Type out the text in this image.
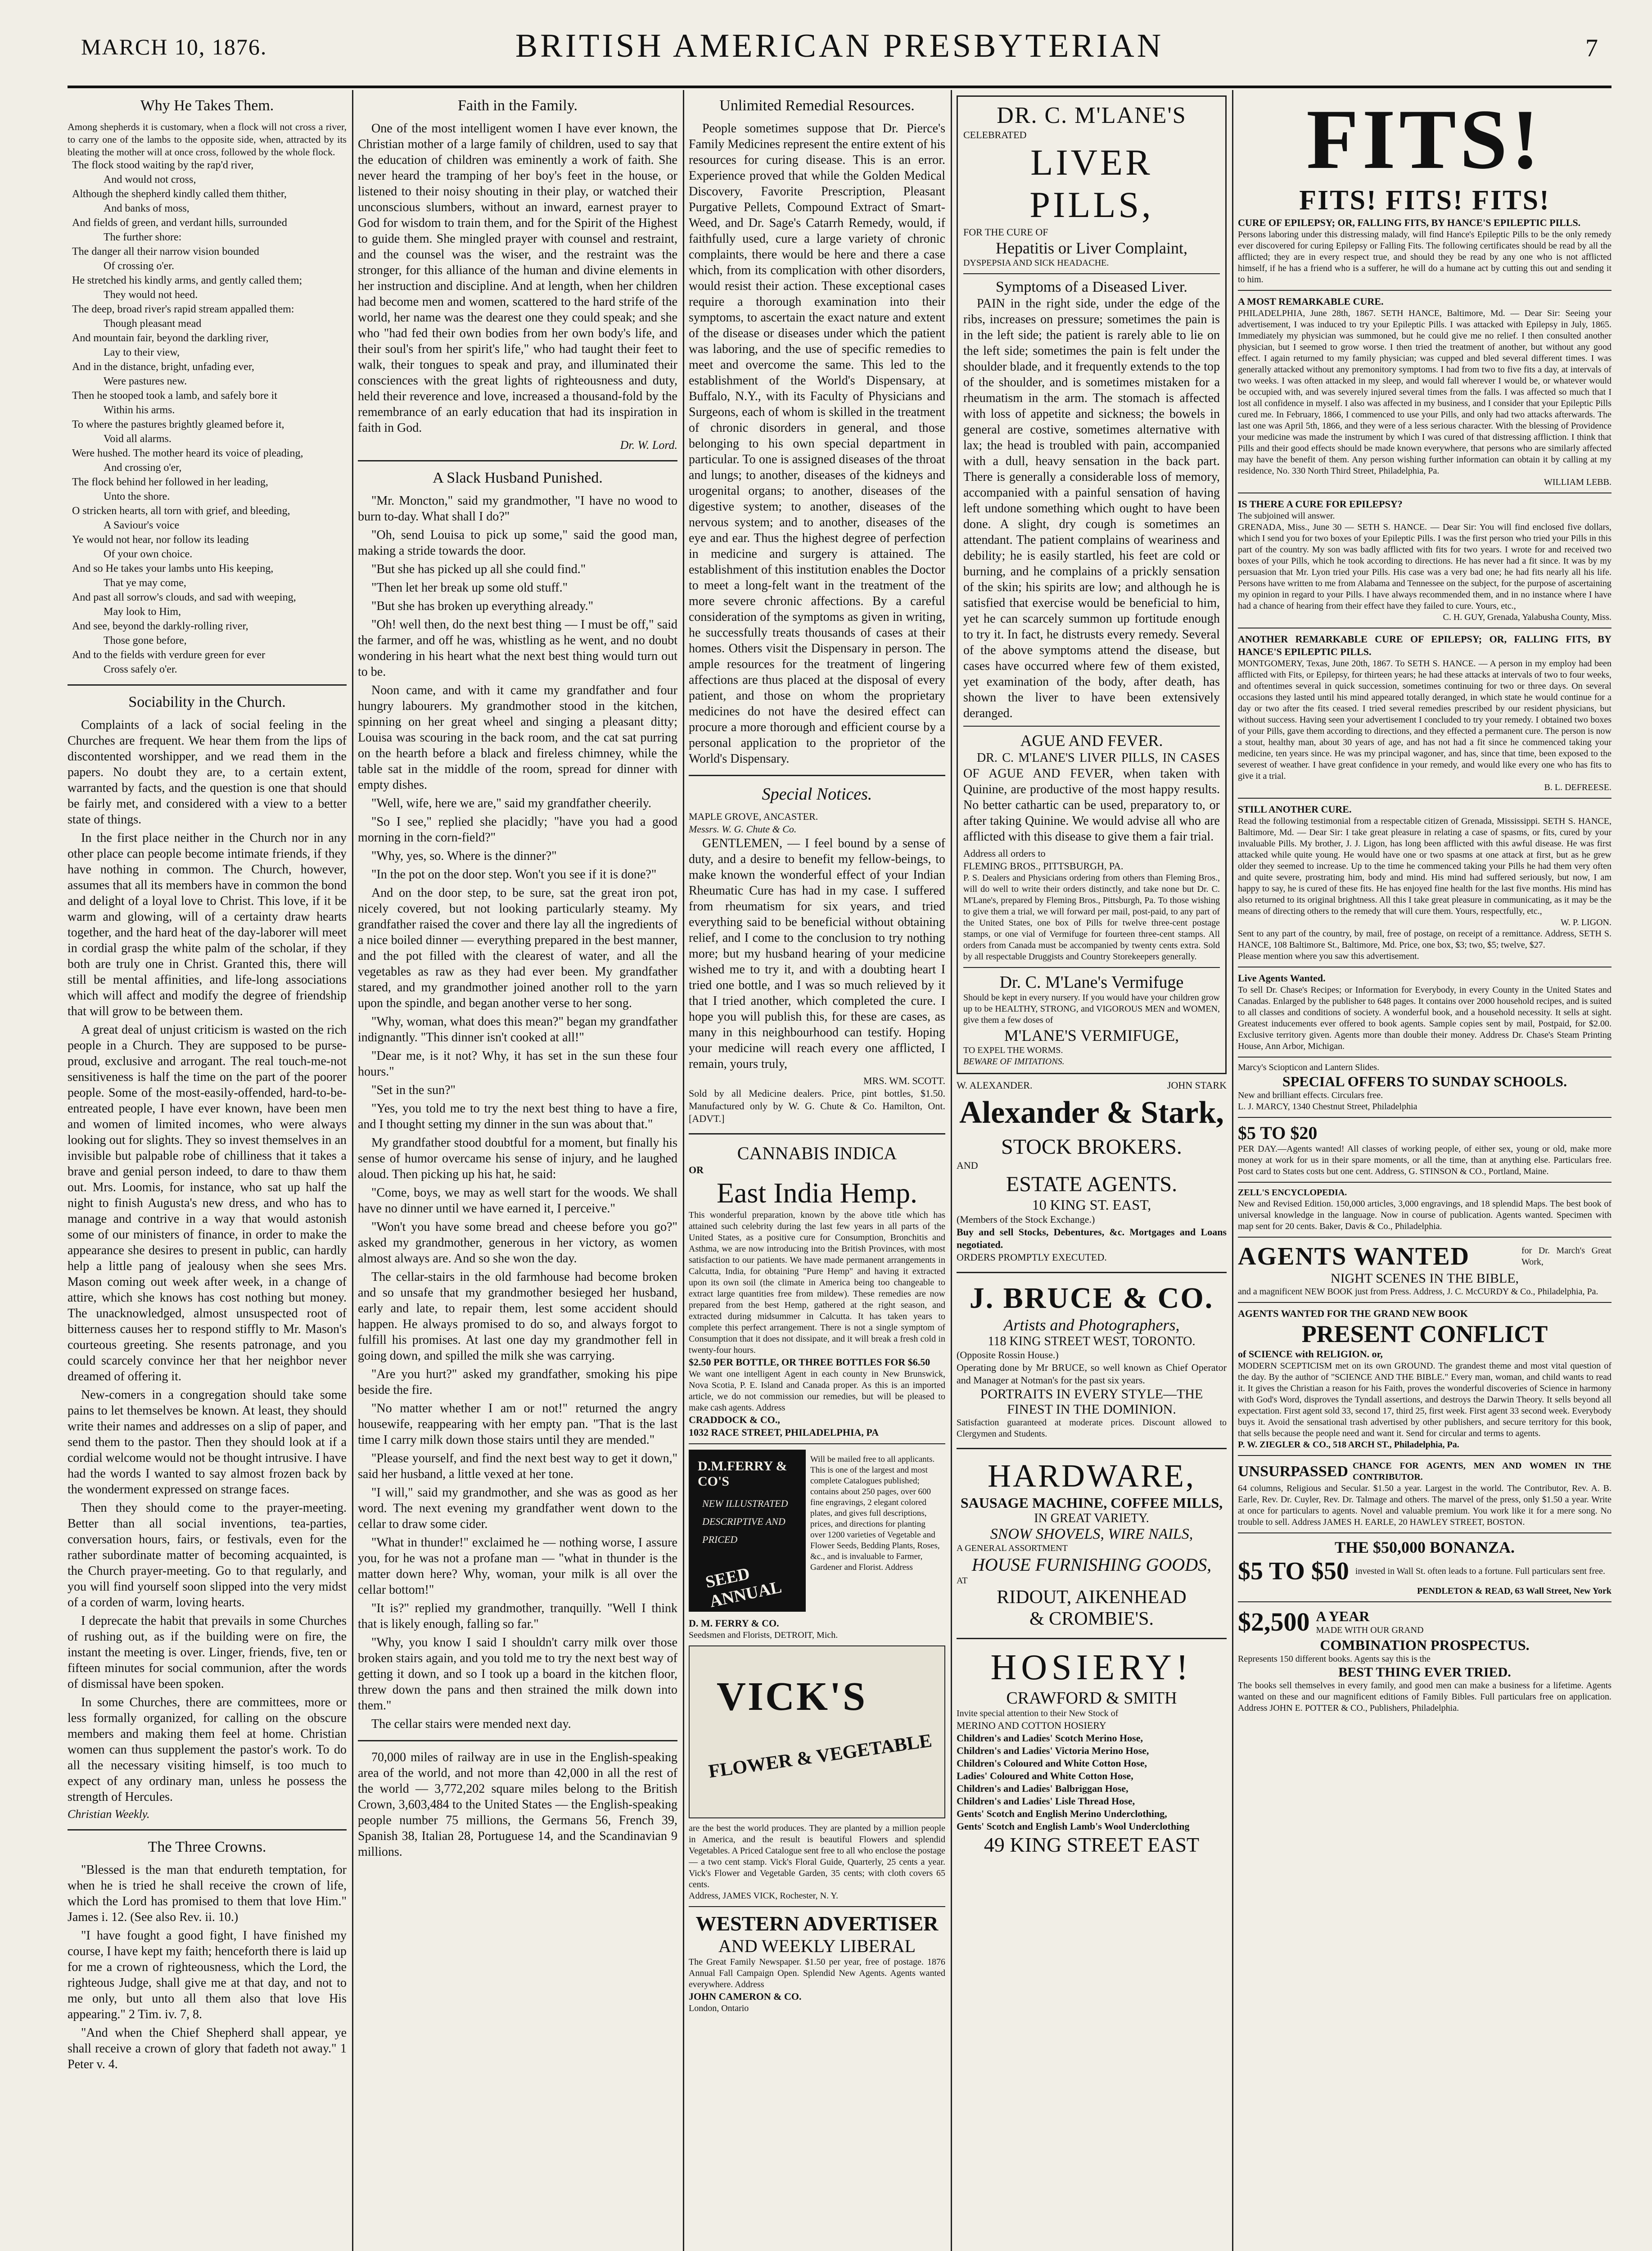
MARCH 10, 1876.	BRITISH AMERICAN PRESBYTERIAN	7
Why He Takes Them.
Among shepherds it is customary, when a flock will not cross a river, to carry one of the lambs to the opposite side, when, attracted by its bleating the mother will at once cross, followed by the whole flock.
The flock stood waiting by the rap'd river,
And would not cross,
Although the shepherd kindly called them thither,
And banks of moss,
And fields of green, and verdant hills, surrounded
The further shore:
The danger all their narrow vision bounded
Of crossing o'er.
He stretched his kindly arms, and gently called them;
They would not heed.
The deep, broad river's rapid stream appalled them:
Though pleasant mead
And mountain fair, beyond the darkling river,
Lay to their view,
And in the distance, bright, unfading ever,
Were pastures new.
Then he stooped took a lamb, and safely bore it
Within his arms.
To where the pastures brightly gleamed before it,
Void all alarms.
Were hushed. The mother heard its voice of pleading,
And crossing o'er,
The flock behind her followed in her leading,
Unto the shore.
O stricken hearts, all torn with grief, and bleeding,
A Saviour's voice
Ye would not hear, nor follow its leading
Of your own choice.
And so He takes your lambs unto His keeping,
That ye may come,
And past all sorrow's clouds, and sad with weeping,
May look to Him,
And see, beyond the darkly-rolling river,
Those gone before,
And to the fields with verdure green for ever
Cross safely o'er.
Sociability in the Church.

Complaints of a lack of social feeling in the Churches are frequent. We hear them from the lips of discontented worshipper, and we read them in the papers. No doubt they are, to a certain extent, warranted by facts, and the question is one that should be fairly met, and considered with a view to a better state of things.

In the first place neither in the Church nor in any other place can people become intimate friends, if they have nothing in common. The Church, however, assumes that all its members have in common the bond and delight of a loyal love to Christ. This love, if it be warm and glowing, will of a certainty draw hearts together, and the hard heat of the day-laborer will meet in cordial grasp the white palm of the scholar, if they both are truly one in Christ. Granted this, there will still be mental affinities, and life-long associations which will affect and modify the degree of friendship that will grow to be between them.

A great deal of unjust criticism is wasted on the rich people in a Church. They are supposed to be purse-proud, exclusive and arrogant. The real touch-me-not sensitiveness is half the time on the part of the poorer people. Some of the most-easily-offended, hard-to-be-entreated people, I have ever known, have been men and women of limited incomes, who were always looking out for slights. They so invest themselves in an invisible but palpable robe of chilliness that it takes a brave and genial person indeed, to dare to thaw them out. Mrs. Loomis, for instance, who sat up half the night to finish Augusta's new dress, and who has to manage and contrive in a way that would astonish some of our ministers of finance, in order to make the appearance she desires to present in public, can hardly help a little pang of jealousy when she sees Mrs. Mason coming out week after week, in a change of attire, which she knows has cost nothing but money. The unacknowledged, almost unsuspected root of bitterness causes her to respond stiffly to Mr. Mason's courteous greeting. She resents patronage, and you could scarcely convince her that her neighbor never dreamed of offering it.

New-comers in a congregation should take some pains to let themselves be known. At least, they should write their names and addresses on a slip of paper, and send them to the pastor. Then they should look at if a cordial welcome would not be thought intrusive. I have had the words I wanted to say almost frozen back by the wonderment expressed on strange faces.

Then they should come to the prayer-meeting. Better than all social inventions, tea-parties, conversation hours, fairs, or festivals, even for the rather subordinate matter of becoming acquainted, is the Church prayer-meeting. Go to that regularly, and you will find yourself soon slipped into the very midst of a corden of warm, loving hearts.

I deprecate the habit that prevails in some Churches of rushing out, as if the building were on fire, the instant the meeting is over. Linger, friends, five, ten or fifteen minutes for social communion, after the words of dismissal have been spoken.

In some Churches, there are committees, more or less formally organized, for calling on the obscure members and making them feel at home. Christian women can thus supplement the pastor's work. To do all the necessary visiting himself, is too much to expect of any ordinary man, unless he possess the strength of Hercules.

Christian Weekly.
The Three Crowns.

"Blessed is the man that endureth temptation, for when he is tried he shall receive the crown of life, which the Lord has promised to them that love Him." James i. 12. (See also Rev. ii. 10.)

"I have fought a good fight, I have finished my course, I have kept my faith; henceforth there is laid up for me a crown of righteousness, which the Lord, the righteous Judge, shall give me at that day, and not to me only, but unto all them also that love His appearing." 2 Tim. iv. 7, 8.

"And when the Chief Shepherd shall appear, ye shall receive a crown of glory that fadeth not away." 1 Peter v. 4.

Faith in the Family.

One of the most intelligent women I have ever known, the Christian mother of a large family of children, used to say that the education of children was eminently a work of faith. She never heard the tramping of her boy's feet in the house, or listened to their noisy shouting in their play, or watched their unconscious slumbers, without an inward, earnest prayer to God for wisdom to train them, and for the Spirit of the Highest to guide them. She mingled prayer with counsel and restraint, and the counsel was the wiser, and the restraint was the stronger, for this alliance of the human and divine elements in her instruction and discipline. And at length, when her children had become men and women, scattered to the hard strife of the world, her name was the dearest one they could speak; and she who "had fed their own bodies from her own body's life, and their soul's from her spirit's life," who had taught their feet to walk, their tongues to speak and pray, and illuminated their consciences with the great lights of righteousness and duty, held their reverence and love, increased a thousand-fold by the remembrance of an early education that had its inspiration in faith in God.

Dr. W. Lord.
A Slack Husband Punished.

"Mr. Moncton," said my grandmother, "I have no wood to burn to-day. What shall I do?"

"Oh, send Louisa to pick up some," said the good man, making a stride towards the door.

"But she has picked up all she could find."

"Then let her break up some old stuff."

"But she has broken up everything already."

"Oh! well then, do the next best thing — I must be off," said the farmer, and off he was, whistling as he went, and no doubt wondering in his heart what the next best thing would turn out to be.

Noon came, and with it came my grandfather and four hungry labourers. My grandmother stood in the kitchen, spinning on her great wheel and singing a pleasant ditty; Louisa was scouring in the back room, and the cat sat purring on the hearth before a black and fireless chimney, while the table sat in the middle of the room, spread for dinner with empty dishes.

"Well, wife, here we are," said my grandfather cheerily.

"So I see," replied she placidly; "have you had a good morning in the corn-field?"

"Why, yes, so. Where is the dinner?"

"In the pot on the door step. Won't you see if it is done?"

And on the door step, to be sure, sat the great iron pot, nicely covered, but not looking particularly steamy. My grandfather raised the cover and there lay all the ingredients of a nice boiled dinner — everything prepared in the best manner, and the pot filled with the clearest of water, and all the vegetables as raw as they had ever been. My grandfather stared, and my grandmother joined another roll to the yarn upon the spindle, and began another verse to her song.

"Why, woman, what does this mean?" began my grandfather indignantly. "This dinner isn't cooked at all!"

"Dear me, is it not? Why, it has set in the sun these four hours."

"Set in the sun?"

"Yes, you told me to try the next best thing to have a fire, and I thought setting my dinner in the sun was about that."

My grandfather stood doubtful for a moment, but finally his sense of humor overcame his sense of injury, and he laughed aloud. Then picking up his hat, he said:

"Come, boys, we may as well start for the woods. We shall have no dinner until we have earned it, I perceive."

"Won't you have some bread and cheese before you go?" asked my grandmother, generous in her victory, as women almost always are. And so she won the day.

The cellar-stairs in the old farmhouse had become broken and so unsafe that my grandmother besieged her husband, early and late, to repair them, lest some accident should happen. He always promised to do so, and always forgot to fulfill his promises. At last one day my grandmother fell in going down, and spilled the milk she was carrying.

"Are you hurt?" asked my grandfather, smoking his pipe beside the fire.

"No matter whether I am or not!" returned the angry housewife, reappearing with her empty pan. "That is the last time I carry milk down those stairs until they are mended."

"Please yourself, and find the next best way to get it down," said her husband, a little vexed at her tone.

"I will," said my grandmother, and she was as good as her word. The next evening my grandfather went down to the cellar to draw some cider.

"What in thunder!" exclaimed he — nothing worse, I assure you, for he was not a profane man — "what in thunder is the matter down here? Why, woman, your milk is all over the cellar bottom!"

"It is?" replied my grandmother, tranquilly. "Well I think that is likely enough, falling so far."

"Why, you know I said I shouldn't carry milk over those broken stairs again, and you told me to try the next best way of getting it down, and so I took up a board in the kitchen floor, threw down the pans and then strained the milk down into them."

The cellar stairs were mended next day.

70,000 miles of railway are in use in the English-speaking area of the world, and not more than 42,000 in all the rest of the world — 3,772,202 square miles belong to the British Crown, 3,603,484 to the United States — the English-speaking people number 75 millions, the Germans 56, French 39, Spanish 38, Italian 28, Portuguese 14, and the Scandinavian 9 millions.

Unlimited Remedial Resources.

People sometimes suppose that Dr. Pierce's Family Medicines represent the entire extent of his resources for curing disease. This is an error. Experience proved that while the Golden Medical Discovery, Favorite Prescription, Pleasant Purgative Pellets, Compound Extract of Smart-Weed, and Dr. Sage's Catarrh Remedy, would, if faithfully used, cure a large variety of chronic complaints, there would be here and there a case which, from its complication with other disorders, would resist their action. These exceptional cases require a thorough examination into their symptoms, to ascertain the exact nature and extent of the disease or diseases under which the patient was laboring, and the use of specific remedies to meet and overcome the same. This led to the establishment of the World's Dispensary, at Buffalo, N.Y., with its Faculty of Physicians and Surgeons, each of whom is skilled in the treatment of chronic disorders in general, and those belonging to his own special department in particular. To one is assigned diseases of the throat and lungs; to another, diseases of the kidneys and urogenital organs; to another, diseases of the digestive system; to another, diseases of the nervous system; and to another, diseases of the eye and ear. Thus the highest degree of perfection in medicine and surgery is attained. The establishment of this institution enables the Doctor to meet a long-felt want in the treatment of the more severe chronic affections. By a careful consideration of the symptoms as given in writing, he successfully treats thousands of cases at their homes. Others visit the Dispensary in person. The ample resources for the treatment of lingering affections are thus placed at the disposal of every patient, and those on whom the proprietary medicines do not have the desired effect can procure a more thorough and efficient course by a personal application to the proprietor of the World's Dispensary.

Special Notices.
MAPLE GROVE, ANCASTER.
Messrs. W. G. Chute & Co.

GENTLEMEN, — I feel bound by a sense of duty, and a desire to benefit my fellow-beings, to make known the wonderful effect of your Indian Rheumatic Cure has had in my case. I suffered from rheumatism for six years, and tried everything said to be beneficial without obtaining relief, and I come to the conclusion to try nothing more; but my husband hearing of your medicine wished me to try it, and with a doubting heart I tried one bottle, and I was so much relieved by it that I tried another, which completed the cure. I hope you will publish this, for these are cases, as many in this neighbourhood can testify. Hoping your medicine will reach every one afflicted, I remain, yours truly,

MRS. WM. SCOTT.
Sold by all Medicine dealers. Price, pint bottles, $1.50. Manufactured only by W. G. Chute & Co. Hamilton, Ont. [ADVT.]
CANNABIS INDICA
OR
East India Hemp.
This wonderful preparation, known by the above title which has attained such celebrity during the last few years in all parts of the United States, as a positive cure for Consumption, Bronchitis and Asthma, we are now introducing into the British Provinces, with most satisfaction to our patients. We have made permanent arrangements in Calcutta, India, for obtaining "Pure Hemp" and having it extracted upon its own soil (the climate in America being too changeable to extract large quantities free from mildew). These remedies are now prepared from the best Hemp, gathered at the right season, and extracted during midsummer in Calcutta. It has taken years to complete this perfect arrangement. There is not a single symptom of Consumption that it does not dissipate, and it will break a fresh cold in twenty-four hours.
$2.50 PER BOTTLE, OR THREE BOTTLES FOR $6.50
We want one intelligent Agent in each county in New Brunswick, Nova Scotia, P. E. Island and Canada proper. As this is an imported article, we do not commission our remedies, but will be pleased to make cash agents. Address
CRADDOCK & CO.,
1032 RACE STREET, PHILADELPHIA, PA
D.M.FERRY & CO'S
NEW ILLUSTRATED DESCRIPTIVE AND PRICED
SEED ANNUAL
Will be mailed free to all applicants. This is one of the largest and most complete Catalogues published; contains about 250 pages, over 600 fine engravings, 2 elegant colored plates, and gives full descriptions, prices, and directions for planting over 1200 varieties of Vegetable and Flower Seeds, Bedding Plants, Roses, &c., and is invaluable to Farmer, Gardener and Florist. Address
D. M. FERRY & CO.
Seedsmen and Florists, DETROIT, Mich.
VICK'S
FLOWER & VEGETABLE
are the best the world produces. They are planted by a million people in America, and the result is beautiful Flowers and splendid Vegetables. A Priced Catalogue sent free to all who enclose the postage — a two cent stamp. Vick's Floral Guide, Quarterly, 25 cents a year. Vick's Flower and Vegetable Garden, 35 cents; with cloth covers 65 cents.
Address, JAMES VICK, Rochester, N. Y.
WESTERN ADVERTISER
AND WEEKLY LIBERAL
The Great Family Newspaper. $1.50 per year, free of postage. 1876 Annual Fall Campaign Open. Splendid New Agents. Agents wanted everywhere. Address
JOHN CAMERON & CO.
London, Ontario
DR. C. M'LANE'S
CELEBRATED
LIVER PILLS,
FOR THE CURE OF
Hepatitis or Liver Complaint,
DYSPEPSIA AND SICK HEADACHE.
Symptoms of a Diseased Liver.

PAIN in the right side, under the edge of the ribs, increases on pressure; sometimes the pain is in the left side; the patient is rarely able to lie on the left side; sometimes the pain is felt under the shoulder blade, and it frequently extends to the top of the shoulder, and is sometimes mistaken for a rheumatism in the arm. The stomach is affected with loss of appetite and sickness; the bowels in general are costive, sometimes alternative with lax; the head is troubled with pain, accompanied with a dull, heavy sensation in the back part. There is generally a considerable loss of memory, accompanied with a painful sensation of having left undone something which ought to have been done. A slight, dry cough is sometimes an attendant. The patient complains of weariness and debility; he is easily startled, his feet are cold or burning, and he complains of a prickly sensation of the skin; his spirits are low; and although he is satisfied that exercise would be beneficial to him, yet he can scarcely summon up fortitude enough to try it. In fact, he distrusts every remedy. Several of the above symptoms attend the disease, but cases have occurred where few of them existed, yet examination of the body, after death, has shown the liver to have been extensively deranged.

AGUE AND FEVER.

DR. C. M'LANE'S LIVER PILLS, IN CASES OF AGUE AND FEVER, when taken with Quinine, are productive of the most happy results. No better cathartic can be used, preparatory to, or after taking Quinine. We would advise all who are afflicted with this disease to give them a fair trial.

Address all orders to
FLEMING BROS., PITTSBURGH, PA.
P. S. Dealers and Physicians ordering from others than Fleming Bros., will do well to write their orders distinctly, and take none but Dr. C. M'Lane's, prepared by Fleming Bros., Pittsburgh, Pa. To those wishing to give them a trial, we will forward per mail, post-paid, to any part of the United States, one box of Pills for twelve three-cent postage stamps, or one vial of Vermifuge for fourteen three-cent stamps. All orders from Canada must be accompanied by twenty cents extra. Sold by all respectable Druggists and Country Storekeepers generally.
Dr. C. M'Lane's Vermifuge
Should be kept in every nursery. If you would have your children grow up to be HEALTHY, STRONG, and VIGOROUS MEN and WOMEN, give them a few doses of
M'LANE'S VERMIFUGE,
TO EXPEL THE WORMS.
BEWARE OF IMITATIONS.
W. ALEXANDER.	JOHN STARK
Alexander & Stark,
STOCK BROKERS.
AND
ESTATE AGENTS.
10 KING ST. EAST,
(Members of the Stock Exchange.)
Buy and sell Stocks, Debentures, &c. Mortgages and Loans negotiated.
ORDERS PROMPTLY EXECUTED.
J. BRUCE & CO.
Artists and Photographers,
118 KING STREET WEST, TORONTO.
(Opposite Rossin House.)
Operating done by Mr BRUCE, so well known as Chief Operator and Manager at Notman's for the past six years.
PORTRAITS IN EVERY STYLE—THE FINEST IN THE DOMINION.
Satisfaction guaranteed at moderate prices. Discount allowed to Clergymen and Students.
HARDWARE,
SAUSAGE MACHINE, COFFEE MILLS,
IN GREAT VARIETY.
SNOW SHOVELS, WIRE NAILS,
A GENERAL ASSORTMENT
HOUSE FURNISHING GOODS,
AT
RIDOUT, AIKENHEAD
& CROMBIE'S.
HOSIERY!
CRAWFORD & SMITH
Invite special attention to their New Stock of
MERINO AND COTTON HOSIERY
Children's and Ladies' Scotch Merino Hose,
Children's and Ladies' Victoria Merino Hose,
Children's Coloured and White Cotton Hose,
Ladies' Coloured and White Cotton Hose,
Children's and Ladies' Balbriggan Hose,
Children's and Ladies' Lisle Thread Hose,
Gents' Scotch and English Merino Underclothing,
Gents' Scotch and English Lamb's Wool Underclothing
49 KING STREET EAST
FITS!
FITS! FITS! FITS!
CURE OF EPILEPSY; OR, FALLING FITS, BY HANCE'S EPILEPTIC PILLS.
Persons laboring under this distressing malady, will find Hance's Epileptic Pills to be the only remedy ever discovered for curing Epilepsy or Falling Fits. The following certificates should be read by all the afflicted; they are in every respect true, and should they be read by any one who is not afflicted himself, if he has a friend who is a sufferer, he will do a humane act by cutting this out and sending it to him.
A MOST REMARKABLE CURE.
PHILADELPHIA, June 28th, 1867. SETH HANCE, Baltimore, Md. — Dear Sir: Seeing your advertisement, I was induced to try your Epileptic Pills. I was attacked with Epilepsy in July, 1865. Immediately my physician was summoned, but he could give me no relief. I then consulted another physician, but I seemed to grow worse. I then tried the treatment of another, but without any good effect. I again returned to my family physician; was cupped and bled several different times. I was generally attacked without any premonitory symptoms. I had from two to five fits a day, at intervals of two weeks. I was often attacked in my sleep, and would fall wherever I would be, or whatever would be occupied with, and was severely injured several times from the falls. I was affected so much that I lost all confidence in myself. I also was affected in my business, and I consider that your Epileptic Pills cured me. In February, 1866, I commenced to use your Pills, and only had two attacks afterwards. The last one was April 5th, 1866, and they were of a less serious character. With the blessing of Providence your medicine was made the instrument by which I was cured of that distressing affliction. I think that Pills and their good effects should be made known everywhere, that persons who are similarly affected may have the benefit of them. Any person wishing further information can obtain it by calling at my residence, No. 330 North Third Street, Philadelphia, Pa.
WILLIAM LEBB.
IS THERE A CURE FOR EPILEPSY?
The subjoined will answer.
GRENADA, Miss., June 30 — SETH S. HANCE. — Dear Sir: You will find enclosed five dollars, which I send you for two boxes of your Epileptic Pills. I was the first person who tried your Pills in this part of the country. My son was badly afflicted with fits for two years. I wrote for and received two boxes of your Pills, which he took according to directions. He has never had a fit since. It was by my persuasion that Mr. Lyon tried your Pills. His case was a very bad one; he had fits nearly all his life. Persons have written to me from Alabama and Tennessee on the subject, for the purpose of ascertaining my opinion in regard to your Pills. I have always recommended them, and in no instance where I have had a chance of hearing from their effect have they failed to cure. Yours, etc.,
C. H. GUY, Grenada, Yalabusha County, Miss.
ANOTHER REMARKABLE CURE OF EPILEPSY; OR, FALLING FITS, BY HANCE'S EPILEPTIC PILLS.
MONTGOMERY, Texas, June 20th, 1867. To SETH S. HANCE. — A person in my employ had been afflicted with Fits, or Epilepsy, for thirteen years; he had these attacks at intervals of two to four weeks, and oftentimes several in quick succession, sometimes continuing for two or three days. On several occasions they lasted until his mind appeared totally deranged, in which state he would continue for a day or two after the fits ceased. I tried several remedies prescribed by our resident physicians, but without success. Having seen your advertisement I concluded to try your remedy. I obtained two boxes of your Pills, gave them according to directions, and they effected a permanent cure. The person is now a stout, healthy man, about 30 years of age, and has not had a fit since he commenced taking your medicine, ten years since. He was my principal wagoner, and has, since that time, been exposed to the severest of weather. I have great confidence in your remedy, and would like every one who has fits to give it a trial.
B. L. DEFREESE.
STILL ANOTHER CURE.
Read the following testimonial from a respectable citizen of Grenada, Mississippi. SETH S. HANCE, Baltimore, Md. — Dear Sir: I take great pleasure in relating a case of spasms, or fits, cured by your invaluable Pills. My brother, J. J. Ligon, has long been afflicted with this awful disease. He was first attacked while quite young. He would have one or two spasms at one attack at first, but as he grew older they seemed to increase. Up to the time he commenced taking your Pills he had them very often and quite severe, prostrating him, body and mind. His mind had suffered seriously, but now, I am happy to say, he is cured of these fits. He has enjoyed fine health for the last five months. His mind has also returned to its original brightness. All this I take great pleasure in communicating, as it may be the means of directing others to the remedy that will cure them. Yours, respectfully, etc.,
W. P. LIGON.
Sent to any part of the country, by mail, free of postage, on receipt of a remittance. Address, SETH S. HANCE, 108 Baltimore St., Baltimore, Md. Price, one box, $3; two, $5; twelve, $27.
Please mention where you saw this advertisement.
Live Agents Wanted.
To sell Dr. Chase's Recipes; or Information for Everybody, in every County in the United States and Canadas. Enlarged by the publisher to 648 pages. It contains over 2000 household recipes, and is suited to all classes and conditions of society. A wonderful book, and a household necessity. It sells at sight. Greatest inducements ever offered to book agents. Sample copies sent by mail, Postpaid, for $2.00. Exclusive territory given. Agents more than double their money. Address Dr. Chase's Steam Printing House, Ann Arbor, Michigan.
Marcy's Sciopticon and Lantern Slides.
SPECIAL OFFERS TO SUNDAY SCHOOLS.
New and brilliant effects. Circulars free.
L. J. MARCY, 1340 Chestnut Street, Philadelphia
$5 TO $20
PER DAY.—Agents wanted! All classes of working people, of either sex, young or old, make more money at work for us in their spare moments, or all the time, than at anything else. Particulars free. Post card to States costs but one cent. Address, G. STINSON & CO., Portland, Maine.
ZELL'S ENCYCLOPEDIA.
New and Revised Edition. 150,000 articles, 3,000 engravings, and 18 splendid Maps. The best book of universal knowledge in the language. Now in course of publication. Agents wanted. Specimen with map sent for 20 cents. Baker, Davis & Co., Philadelphia.
AGENTS WANTED	for Dr. March's Great Work,
NIGHT SCENES IN THE BIBLE,
and a magnificent NEW BOOK just from Press. Address, J. C. McCURDY & Co., Philadelphia, Pa.
AGENTS WANTED FOR THE GRAND NEW BOOK
PRESENT CONFLICT
of SCIENCE with RELIGION. or,
MODERN SCEPTICISM met on its own GROUND. The grandest theme and most vital question of the day. By the author of "SCIENCE AND THE BIBLE." Every man, woman, and child wants to read it. It gives the Christian a reason for his Faith, proves the wonderful discoveries of Science in harmony with God's Word, disproves the Tyndall assertions, and destroys the Darwin Theory. It sells beyond all expectation. First agent sold 33, second 17, third 25, first week. First agent 33 second week. Everybody buys it. Avoid the sensational trash advertised by other publishers, and secure territory for this book, that sells because the people need and want it. Send for circular and terms to agents.
P. W. ZIEGLER & CO., 518 ARCH ST., Philadelphia, Pa.
UNSURPASSED CHANCE FOR AGENTS, MEN AND WOMEN IN THE CONTRIBUTOR.
64 columns, Religious and Secular. $1.50 a year. Largest in the world. The Contributor, Rev. A. B. Earle, Rev. Dr. Cuyler, Rev. Dr. Talmage and others. The marvel of the press, only $1.50 a year. Write at once for particulars to agents. Novel and valuable premium. You work like it for a mere song. No trouble to sell. Address JAMES H. EARLE, 20 HAWLEY STREET, BOSTON.
THE $50,000 BONANZA.
$5 TO $50 invested in Wall St. often leads to a fortune. Full particulars sent free.
PENDLETON & READ, 63 Wall Street, New York
$2,500 A YEAR
MADE WITH OUR GRAND
COMBINATION PROSPECTUS.
Represents 150 different books. Agents say this is the
BEST THING EVER TRIED.
The books sell themselves in every family, and good men can make a business for a lifetime. Agents wanted on these and our magnificent editions of Family Bibles. Full particulars free on application. Address JOHN E. POTTER & CO., Publishers, Philadelphia.
